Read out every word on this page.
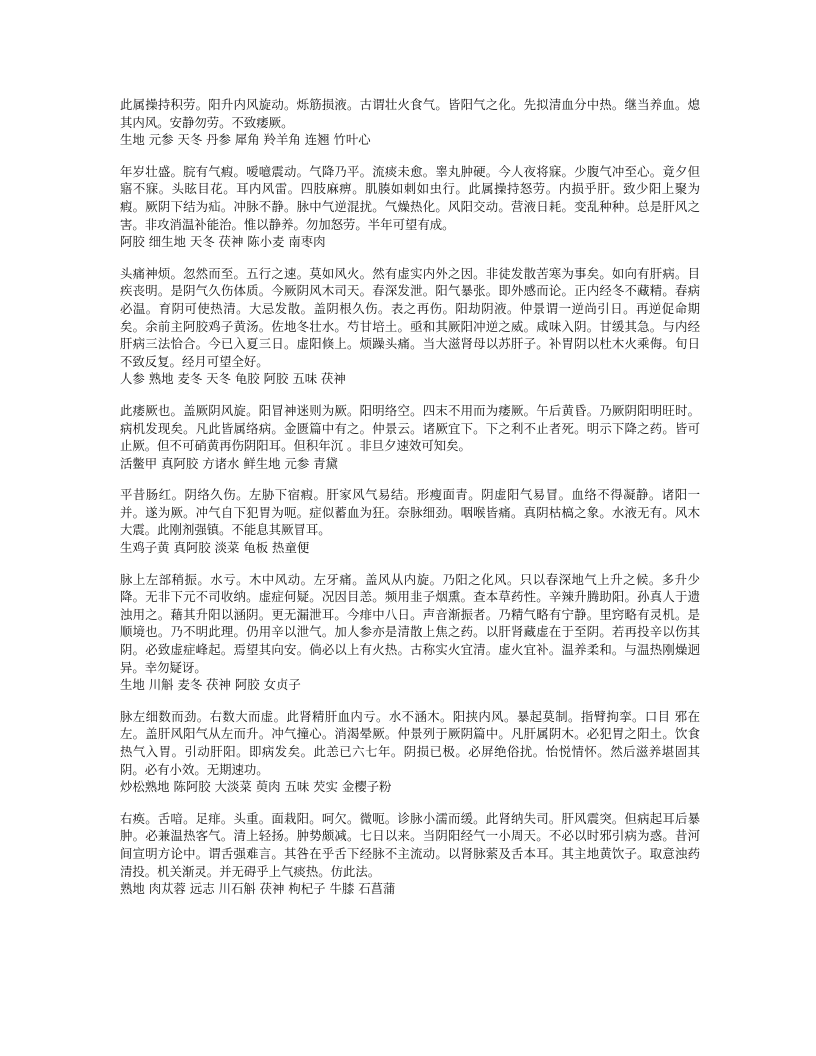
此属操持积劳。阳升内风旋动。烁筋损液。古谓壮火食气。皆阳气之化。先拟清血分中热。继当养血。熄其内风。安静勿劳。不致痿厥。

生地 元参 天冬 丹参 犀角 羚羊角 连翘 竹叶心

年岁壮盛。脘有气瘕。嗳噫震动。气降乃平。流痰未愈。睾丸肿硬。今人夜将寐。少腹气冲至心。竟夕但寤不寐。头眩目花。耳内风雷。四肢麻痹。肌腠如刺如虫行。此属操持怒劳。内损乎肝。致少阳上聚为瘕。厥阴下结为疝。冲脉不静。脉中气逆混扰。气燥热化。风阳交动。营液日耗。变乱种种。总是肝风之害。非攻消温补能治。惟以静养。勿加怒劳。半年可望有成。

阿胶 细生地 天冬 茯神 陈小麦 南枣肉

头痛神烦。忽然而至。五行之速。莫如风火。然有虚实内外之因。非徒发散苦寒为事矣。如向有肝病。目疾丧明。是阴气久伤体质。今厥阴风木司天。春深发泄。阳气暴张。即外感而论。正内经冬不藏精。春病必温。育阴可使热清。大忌发散。盖阴根久伤。表之再伤。阳劫阴液。仲景谓一逆尚引日。再逆促命期矣。余前主阿胶鸡子黄汤。佐地冬壮水。芍甘培土。亟和其厥阳冲逆之威。咸味入阴。甘缓其急。与内经肝病三法恰合。今已入夏三日。虚阳倏上。烦躁头痛。当大滋肾母以苏肝子。补胃阴以杜木火乘侮。旬日不致反复。经月可望全好。

人参 熟地 麦冬 天冬 龟胶 阿胶 五味 茯神

此痿厥也。盖厥阴风旋。阳冒神迷则为厥。阳明络空。四末不用而为痿厥。午后黄昏。乃厥阴阳明旺时。病机发现矣。凡此皆属络病。金匮篇中有之。仲景云。诸厥宜下。下之利不止者死。明示下降之药。皆可止厥。但不可硝黄再伤阴阳耳。但积年沉 。非旦夕速效可知矣。

活鳖甲 真阿胶 方诸水 鲜生地 元参 青黛

平昔肠红。阴络久伤。左胁下宿瘕。肝家风气易结。形瘦面青。阴虚阳气易冒。血络不得凝静。诸阳一并。遂为厥。冲气自下犯胃为呃。症似蓄血为狂。奈脉细劲。咽喉皆痛。真阴枯槁之象。水液无有。风木大震。此刚剂强镇。不能息其厥冒耳。

生鸡子黄 真阿胶 淡菜 龟板 热童便

脉上左部稍振。水亏。木中风动。左牙痛。盖风从内旋。乃阳之化风。只以春深地气上升之候。多升少降。无非下元不司收纳。虚症何疑。况因目恙。频用韭子烟熏。查本草药性。辛辣升腾助阳。孙真人于遗浊用之。藉其升阳以涵阴。更无漏泄耳。今痱中八日。声音渐振者。乃精气略有宁静。里窍略有灵机。是顺境也。乃不明此理。仍用辛以泄气。加人参亦是清散上焦之药。以肝肾藏虚在于至阴。若再投辛以伤其阴。必致虚症峰起。焉望其向安。倘必以上有火热。古称实火宜清。虚火宜补。温养柔和。与温热刚燥迥异。幸勿疑讶。

生地 川斛 麦冬 茯神 阿胶 女贞子

脉左细数而劲。右数大而虚。此肾精肝血内亏。水不涵木。阳挟内风。暴起莫制。指臂拘挛。口目 邪在左。盖肝风阳气从左而升。冲气撞心。消渴晕厥。仲景列于厥阴篇中。凡肝属阴木。必犯胃之阳土。饮食热气入胃。引动肝阳。即病发矣。此恙已六七年。阴损已极。必屏绝俗扰。怡悦情怀。然后滋养堪固其阴。必有小效。无期速功。

炒松熟地 陈阿胶 大淡菜 萸肉 五味 芡实 金樱子粉

右痪。舌喑。足痱。头重。面栽阳。呵欠。微呃。诊脉小濡而缓。此肾纳失司。肝风震突。但病起耳后暴肿。必兼温热客气。清上轻扬。肿势颇减。七日以来。当阴阳经气一小周天。不必以时邪引病为惑。昔河间宣明方论中。谓舌强难言。其咎在乎舌下经脉不主流动。以肾脉萦及舌本耳。其主地黄饮子。取意浊药清投。机关渐灵。并无碍乎上气痰热。仿此法。

熟地 肉苁蓉 远志 川石斛 茯神 枸杞子 牛膝 石菖蒲
